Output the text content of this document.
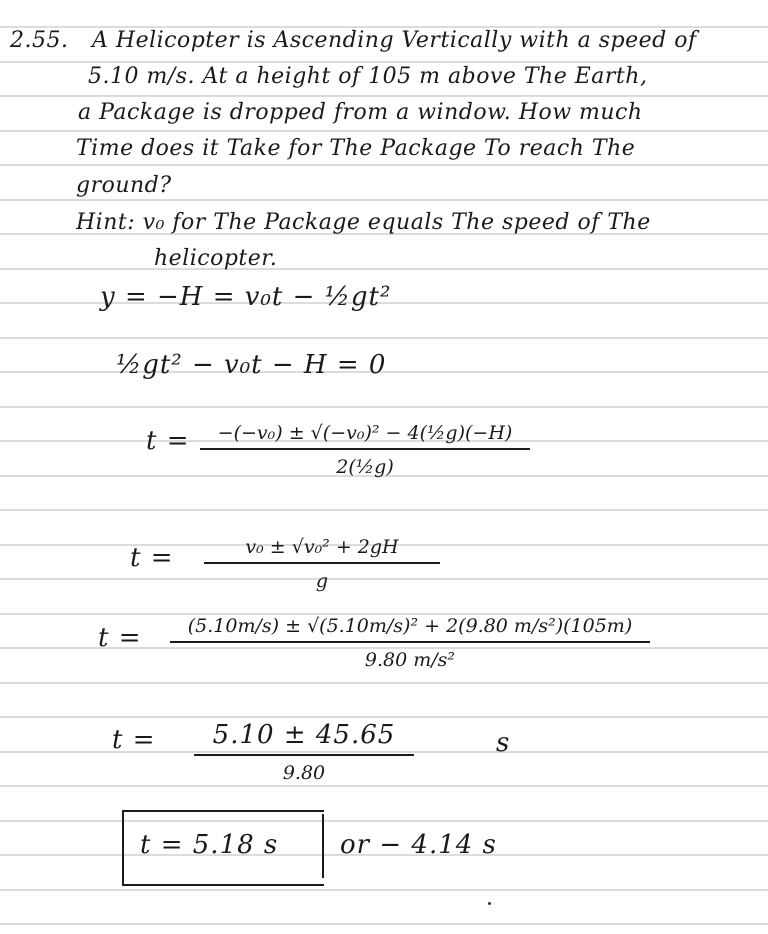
2.55. A Helicopter is Ascending Vertically with a speed of
5.10 m/s. At a height of 105 m above The Earth,
a Package is dropped from a window. How much
Time does it Take for The Package To reach The
ground?
Hint: v₀ for The Package equals The speed of The
helicopter.
y = −H = v₀t − ½gt²
½gt² − v₀t − H = 0
t = −(−v₀) ± √(−v₀)² − 4(½g)(−H)
2(½g)
t =	v₀ ± √v₀² + 2gH
g
t = (5.10m/s) ± √(5.10m/s)² + 2(9.80 m/s²)(105m)
9.80 m/s²
t = 5.10 ± 45.65
9.80
s
t = 5.18 s or − 4.14 s
